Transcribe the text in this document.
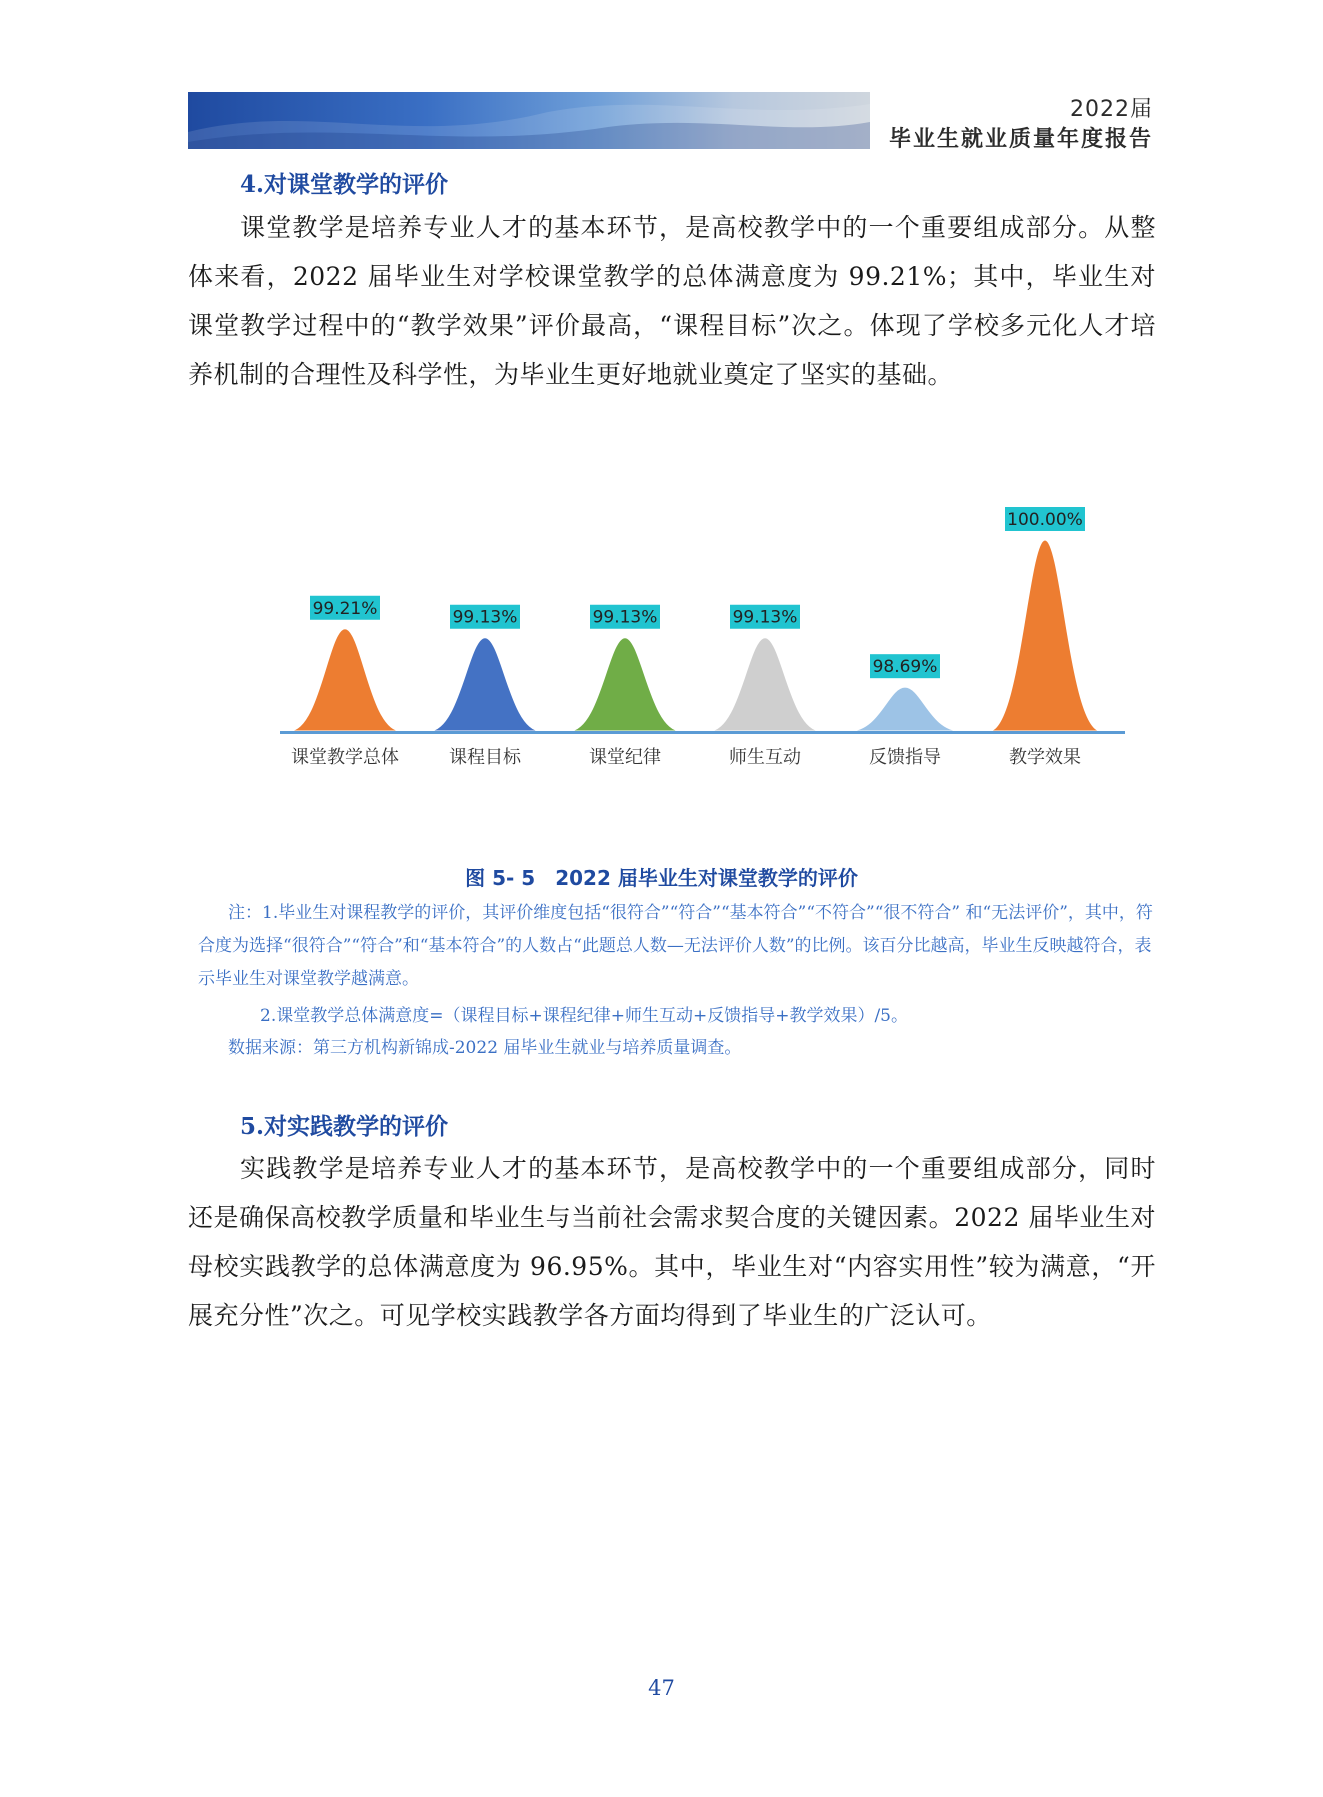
2022届
毕业生就业质量年度报告
4.对课堂教学的评价
课堂教学是培养专业人才的基本环节，是高校教学中的一个重要组成部分。从整体来看，2022 届毕业生对学校课堂教学的总体满意度为 99.21%；其中，毕业生对课堂教学过程中的“教学效果”评价最高，“课程目标”次之。体现了学校多元化人才培养机制的合理性及科学性，为毕业生更好地就业奠定了坚实的基础。
99.21%
课堂教学总体
99.13%
课程目标
99.13%
课堂纪律
99.13%
师生互动
98.69%
反馈指导
100.00%
教学效果
图 5- 5　2022 届毕业生对课堂教学的评价
注：1.毕业生对课程教学的评价，其评价维度包括“很符合”“符合”“基本符合”“不符合”“很不符合” 和“无法评价”，其中，符合度为选择“很符合”“符合”和“基本符合”的人数占“此题总人数—无法评价人数”的比例。该百分比越高，毕业生反映越符合，表示毕业生对课堂教学越满意。
2.课堂教学总体满意度=（课程目标+课程纪律+师生互动+反馈指导+教学效果）/5。
数据来源：第三方机构新锦成-2022 届毕业生就业与培养质量调查。
5.对实践教学的评价
实践教学是培养专业人才的基本环节，是高校教学中的一个重要组成部分，同时还是确保高校教学质量和毕业生与当前社会需求契合度的关键因素。2022 届毕业生对母校实践教学的总体满意度为 96.95%。其中，毕业生对“内容实用性”较为满意，“开展充分性”次之。可见学校实践教学各方面均得到了毕业生的广泛认可。
47
